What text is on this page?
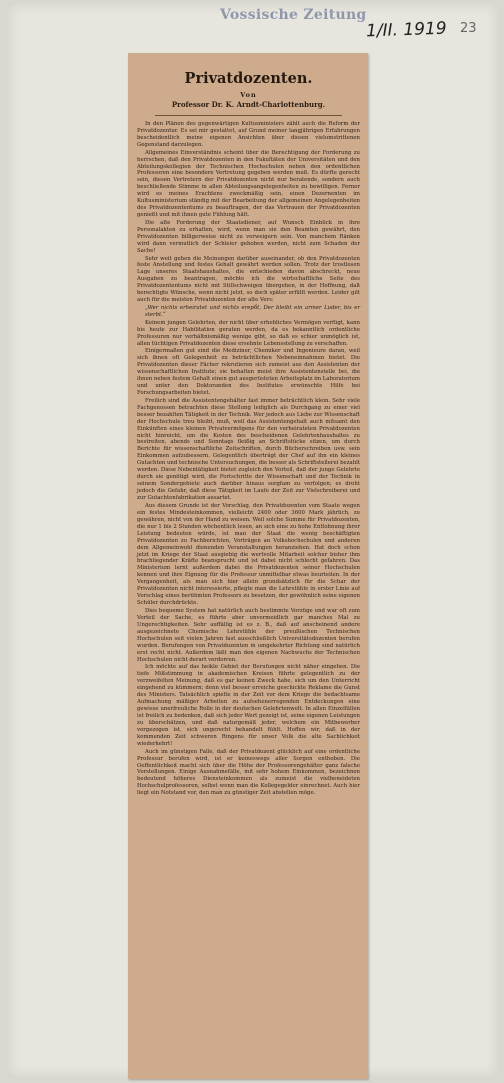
Vossische Zeitung
1/II. 1919 23
Privatdozenten.
Von
Professor Dr. K. Arndt-Charlottenburg.

In den Plänen des gegenwärtigen Kultusministers zählt auch die Reform der Privatdozentur. Es sei mir gestattet, auf Grund meiner langjährigen Erfahrungen bescheidentlich meine eigenen Ansichten über diesen vielumstrittenen Gegenstand darzulegen.

Allgemeines Einverständnis scheint über die Berechtigung der Forderung zu herrschen, daß den Privatdozenten in den Fakultäten der Universitäten und den Abteilungskollegien der Technischen Hochschulen neben den ordentlichen Professoren eine besondere Vertretung gegeben werden muß. Es dürfte gerecht sein, diesen Vertretern der Privatdozenten nicht nur beratende, sondern auch beschließende Stimme in allen Abteilungsangelegenheiten zu bewilligen. Ferner wird es meines Erachtens zweckmäßig sein, einen Dezernenten im Kultusministerium ständig mit der Bearbeitung der allgemeinen Angelegenheiten des Privatdozententums zu beauftragen, der das Vertrauen der Privatdozenten genießt und mit ihnen gute Fühlung hält.

Die alte Forderung der Staatsdiener, auf Wunsch Einblick in ihre Personalakten zu erhalten, wird, wenn man sie den Beamten gewährt, den Privatdozenten billigerweise nicht zu verweigern sein. Von manchem Ränken wird dann vermutlich der Schleier gehoben werden, nicht zum Schaden der Sache!

Sehr weit gehen die Meinungen darüber auseinander, ob den Privatdozenten feste Anstellung und festes Gehalt gewährt werden sollen. Trotz der trostlosen Lage unseres Staatshaushaltes, die entschieden davon abschreckt, neue Ausgaben zu beantragen, möchte ich die wirtschaftliche Seite des Privatdozententums nicht mit Stillschweigen übergehen, in der Hoffnung, daß berechtigte Wünsche, wenn nicht jetzt, so doch später erfüllt werden. Leider gilt auch für die meisten Privatdozenten der alte Vers:

„Wer nichts erheiratet und nichts erербt, Der bleibt ein armer Luder, bis er sterbt.“

Keinem jungen Gelehrten, der nicht über erhebliches Vermögen verfügt, kann bis heute zur Habilitation geraten werden, da es bekanntlich ordentliche Professuren nur verhältnismäßig wenige gibt, so daß es schier unmöglich ist, allen tüchtigen Privatdozenten diese ersehnte Lebensstellung zu verschaffen.

Einigermaßen gut sind die Mediziner, Chemiker und Ingenieure daran, weil sich ihnen oft Gelegenheit zu beträchtlichen Nebeneinnahmen bietet. Die Privatdozenten dieser Fächer rekrutieren sich zumeist aus den Assistenten der wissenschaftlichen Institute; sie behalten meist ihre Assistentenstelle bei, die ihnen neben festem Gehalt einen gut ausgerüsteten Arbeitsplatz im Laboratorium und unter den Doktoranden des Institutes erwünschte Hilfe bei Forschungsarbeiten bietet.

Freilich sind die Assistentengehälter fast immer beträchtlich klein. Sehr viele Fachgenossen betrachten diese Stellung lediglich als Durchgang zu einer viel besser bezahlten Tätigkeit in der Technik. Wer jedoch aus Liebe zur Wissenschaft der Hochschule treu bleibt, muß, weil das Assistentengehalt auch mitsamt den Einkünften eines kleinen Privatvermögens für den verheirateten Privatdozenten nicht hinreicht, um die Kosten des bescheidenen Gelehrtenhaushaltes zu bestreiten, abends und Sonntags fleißig an Schriftstücke sitzen, um durch Berichte für wissenschaftliche Zeitschriften, durch Bücherschreiben usw. sein Einkommen aufzubessern. Gelegentlich überträgt der Chef auf ihn ein kleines Gutachten und technische Untersuchungen, die besser als Schriftstellerei bezahlt werden. Diese Nebentätigkeit bietet zugleich den Vorteil, daß der junge Gelehrte durch sie genötigt wird, die Fortschritte der Wissenschaft und der Technik in seinem Sondergebiete auch darüber hinaus sorgfam zu verfolgen; es droht jedoch die Gefahr, daß diese Tätigkeit im Laufe der Zeit zur Vielschreiberei und zur Gutachtenfabrikation ausartet.

Aus diesem Grunde ist der Vorschlag, den Privatdozenten vom Staate wegen ein festes Mindesteinkommen, vielleicht 2400 oder 3600 Mark jährlich, zu gewähren, nicht von der Hand zu weisen. Weil solche Summe für Privatdozenten, die nur 1 bis 2 Stunden wöchentlich lesen, an sich eine zu hohe Entlohnung ihrer Leistung bedeuten würde, ist man der Staat die wenig beschäftigten Privatdozenten zu Fachberichten, Vorträgen an Volkshochschulen und anderen dem Allgemeinwohl dienenden Veranstaltungen heranziehen. Hat doch schon jetzt im Kriege der Staat ausgiebig die wertvolle Mitarbeit solcher bisher ihm brachliegender Kräfte beansprucht und ist dabei nicht schlecht gefahren. Das Ministerium lernt außerdem dabei die Privatdozenten seiner Hochschulen kennen und ihre Eignung für die Professur unmittelbar etwas beurteilen. In der Vergangenheit, als man sich hier allein grundsätzlich für die Schar der Privatdozenten nicht interessierte, pflegte man die Lehrstühle in erster Linie auf Vorschlag eines berühmten Professors zu besetzen, der gewöhnlich seine eigenen Schüler durchdrückte.

Dies bequeme System hat natürlich auch bestimmte Vorzüge und war oft zum Vorteil der Sache, es führte aber unvermeidlich gar manches Mal zu Ungerechtigkeiten. Sehr auffällig ist es z. B., daß auf anscheinend andere ausgezeichnete Chemische Lehrstühle der preußischen Technischen Hochschulen seit vielen Jahren fast ausschließlich Universitätsdozenten berufen wurden. Berufungen von Privatdozenten in umgekehrter Richtung sind natürlich erst recht nicht. Außerdem läßt man den eigenen Nachwuchs der Technischen Hochschulen nicht derart verdorren.

Ich möchte auf das heikle Gebiet der Berufungen nicht näher eingehen. Die tiefe Mißstimmung in akademischen Kreisen führte gelegentlich zu der verzweifelten Meinung, daß es gar keinen Zweck habe, sich um den Unterricht eingehend zu kümmern; denn viel besser erreiche geschickte Reklame die Gunst des Ministers. Tatsächlich spielte in der Zeit vor dem Kriege die bedachtsame Aufmachung mäßiger Arbeiten zu aufsehenerregenden Entdeckungen eine gewisse unerfreuliche Rolle in der deutschen Gelehrtenwelt. In allen Einzelfällen ist freilich zu bedenken, daß sich jeder Wert gezeigt ist, seine eigenen Leistungen zu überschätzen, und daß naturgemäß jeder, welchem ein Mitbewerber vorgezogen ist, sich ungerecht behandelt fühlt. Hoffen wir, daß in der kommenden Zeit schweren Ringens für unser Volk die alte Sachlichkeit wiederkehrt!

Auch im günstigen Falle, daß der Privatdozent glücklich auf eine ordentliche Professur berufen wird, ist er keineswegs aller Sorgen enthoben. Die Oeffentlichkeit macht sich über die Höhe der Professorengehälter ganz falsche Vorstellungen. Einige Ausnahmefälle, mit sehr hohem Einkommen, bezeichnen bedeutend höheres Diensteinkommen als zumeist die vielbeneideten Hochschulprofessoren, selbst wenn man die Kollegegelder einrechnet. Auch hier liegt ein Notstand vor, den man zu günstiger Zeit abstellen möge.
